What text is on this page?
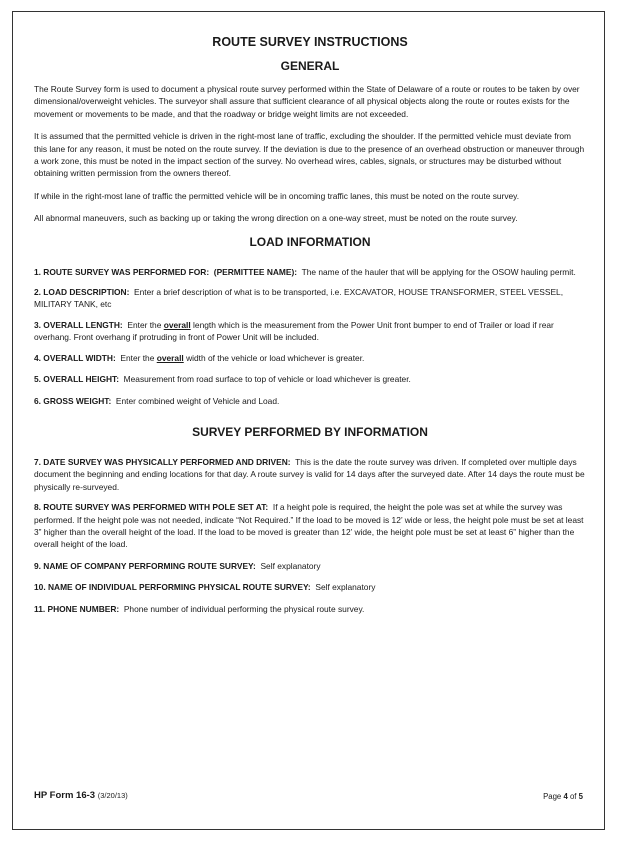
ROUTE SURVEY INSTRUCTIONS
GENERAL

The Route Survey form is used to document a physical route survey performed within the State of Delaware of a route or routes to be taken by over dimensional/overweight vehicles. The surveyor shall assure that sufficient clearance of all physical objects along the route or routes exists for the movement or movements to be made, and that the roadway or bridge weight limits are not exceeded.

It is assumed that the permitted vehicle is driven in the right-most lane of traffic, excluding the shoulder. If the permitted vehicle must deviate from this lane for any reason, it must be noted on the route survey. If the deviation is due to the presence of an overhead obstruction or maneuver through a work zone, this must be noted in the impact section of the survey. No overhead wires, cables, signals, or structures may be disturbed without obtaining written permission from the owners thereof.

If while in the right-most lane of traffic the permitted vehicle will be in oncoming traffic lanes, this must be noted on the route survey.

All abnormal maneuvers, such as backing up or taking the wrong direction on a one-way street, must be noted on the route survey.

LOAD INFORMATION

1. ROUTE SURVEY WAS PERFORMED FOR: (PERMITTEE NAME): The name of the hauler that will be applying for the OSOW hauling permit.

2. LOAD DESCRIPTION: Enter a brief description of what is to be transported, i.e. EXCAVATOR, HOUSE TRANSFORMER, STEEL VESSEL, MILITARY TANK, etc

3. OVERALL LENGTH: Enter the overall length which is the measurement from the Power Unit front bumper to end of Trailer or load if rear overhang. Front overhang if protruding in front of Power Unit will be included.

4. OVERALL WIDTH: Enter the overall width of the vehicle or load whichever is greater.

5. OVERALL HEIGHT: Measurement from road surface to top of vehicle or load whichever is greater.

6. GROSS WEIGHT: Enter combined weight of Vehicle and Load.

SURVEY PERFORMED BY INFORMATION

7. DATE SURVEY WAS PHYSICALLY PERFORMED AND DRIVEN: This is the date the route survey was driven. If completed over multiple days document the beginning and ending locations for that day. A route survey is valid for 14 days after the surveyed date. After 14 days the route must be physically re-surveyed.

8. ROUTE SURVEY WAS PERFORMED WITH POLE SET AT: If a height pole is required, the height the pole was set at while the survey was performed. If the height pole was not needed, indicate “Not Required.” If the load to be moved is 12’ wide or less, the height pole must be set at least 3” higher than the overall height of the load. If the load to be moved is greater than 12’ wide, the height pole must be set at least 6” higher than the overall height of the load.

9. NAME OF COMPANY PERFORMING ROUTE SURVEY: Self explanatory

10. NAME OF INDIVIDUAL PERFORMING PHYSICAL ROUTE SURVEY: Self explanatory

11. PHONE NUMBER: Phone number of individual performing the physical route survey.

HP Form 16-3 (3/20/13)	Page 4 of 5
